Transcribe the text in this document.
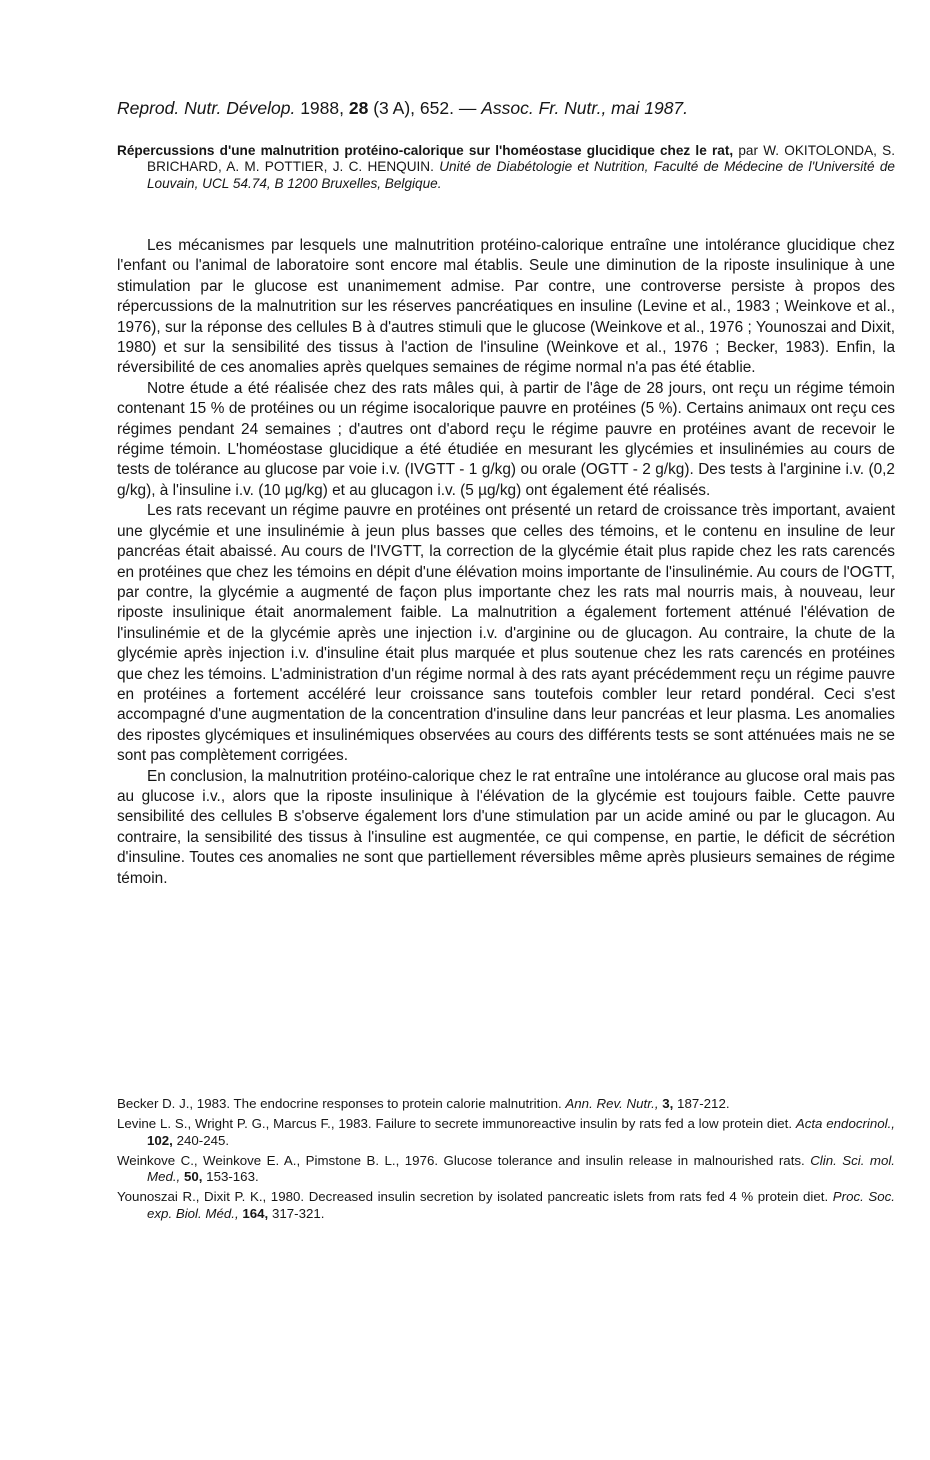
Reprod. Nutr. Dévelop. 1988, 28 (3 A), 652. — Assoc. Fr. Nutr., mai 1987.

Répercussions d'une malnutrition protéino-calorique sur l'homéostase glucidique chez le rat, par W. OKITOLONDA, S. BRICHARD, A. M. POTTIER, J. C. HENQUIN. Unité de Diabétologie et Nutrition, Faculté de Médecine de l'Université de Louvain, UCL 54.74, B 1200 Bruxelles, Belgique.

Les mécanismes par lesquels une malnutrition protéino-calorique entraîne une intolérance glucidique chez l'enfant ou l'animal de laboratoire sont encore mal établis. Seule une diminution de la riposte insulinique à une stimulation par le glucose est unanimement admise. Par contre, une controverse persiste à propos des répercussions de la malnutrition sur les réserves pancréatiques en insuline (Levine et al., 1983 ; Weinkove et al., 1976), sur la réponse des cellules B à d'autres stimuli que le glucose (Weinkove et al., 1976 ; Younoszai and Dixit, 1980) et sur la sensibilité des tissus à l'action de l'insuline (Weinkove et al., 1976 ; Becker, 1983). Enfin, la réversibilité de ces anomalies après quelques semaines de régime normal n'a pas été établie.

Notre étude a été réalisée chez des rats mâles qui, à partir de l'âge de 28 jours, ont reçu un régime témoin contenant 15 % de protéines ou un régime isocalorique pauvre en protéines (5 %). Certains animaux ont reçu ces régimes pendant 24 semaines ; d'autres ont d'abord reçu le régime pauvre en protéines avant de recevoir le régime témoin. L'homéostase glucidique a été étudiée en mesurant les glycémies et insulinémies au cours de tests de tolérance au glucose par voie i.v. (IVGTT - 1 g/kg) ou orale (OGTT - 2 g/kg). Des tests à l'arginine i.v. (0,2 g/kg), à l'insuline i.v. (10 µg/kg) et au glucagon i.v. (5 µg/kg) ont également été réalisés.

Les rats recevant un régime pauvre en protéines ont présenté un retard de croissance très important, avaient une glycémie et une insulinémie à jeun plus basses que celles des témoins, et le contenu en insuline de leur pancréas était abaissé. Au cours de l'IVGTT, la correction de la glycémie était plus rapide chez les rats carencés en protéines que chez les témoins en dépit d'une élévation moins importante de l'insulinémie. Au cours de l'OGTT, par contre, la glycémie a augmenté de façon plus importante chez les rats mal nourris mais, à nouveau, leur riposte insulinique était anormalement faible. La malnutrition a également fortement atténué l'élévation de l'insulinémie et de la glycémie après une injection i.v. d'arginine ou de glucagon. Au contraire, la chute de la glycémie après injection i.v. d'insuline était plus marquée et plus soutenue chez les rats carencés en protéines que chez les témoins. L'administration d'un régime normal à des rats ayant précédemment reçu un régime pauvre en protéines a fortement accéléré leur croissance sans toutefois combler leur retard pondéral. Ceci s'est accompagné d'une augmentation de la concentration d'insuline dans leur pancréas et leur plasma. Les anomalies des ripostes glycémiques et insulinémiques observées au cours des différents tests se sont atténuées mais ne se sont pas complètement corrigées.

En conclusion, la malnutrition protéino-calorique chez le rat entraîne une intolérance au glucose oral mais pas au glucose i.v., alors que la riposte insulinique à l'élévation de la glycémie est toujours faible. Cette pauvre sensibilité des cellules B s'observe également lors d'une stimulation par un acide aminé ou par le glucagon. Au contraire, la sensibilité des tissus à l'insuline est augmentée, ce qui compense, en partie, le déficit de sécrétion d'insuline. Toutes ces anomalies ne sont que partiellement réversibles même après plusieurs semaines de régime témoin.

Becker D. J., 1983. The endocrine responses to protein calorie malnutrition. Ann. Rev. Nutr., 3, 187-212.

Levine L. S., Wright P. G., Marcus F., 1983. Failure to secrete immunoreactive insulin by rats fed a low protein diet. Acta endocrinol., 102, 240-245.

Weinkove C., Weinkove E. A., Pimstone B. L., 1976. Glucose tolerance and insulin release in malnourished rats. Clin. Sci. mol. Med., 50, 153-163.

Younoszai R., Dixit P. K., 1980. Decreased insulin secretion by isolated pancreatic islets from rats fed 4 % protein diet. Proc. Soc. exp. Biol. Méd., 164, 317-321.
